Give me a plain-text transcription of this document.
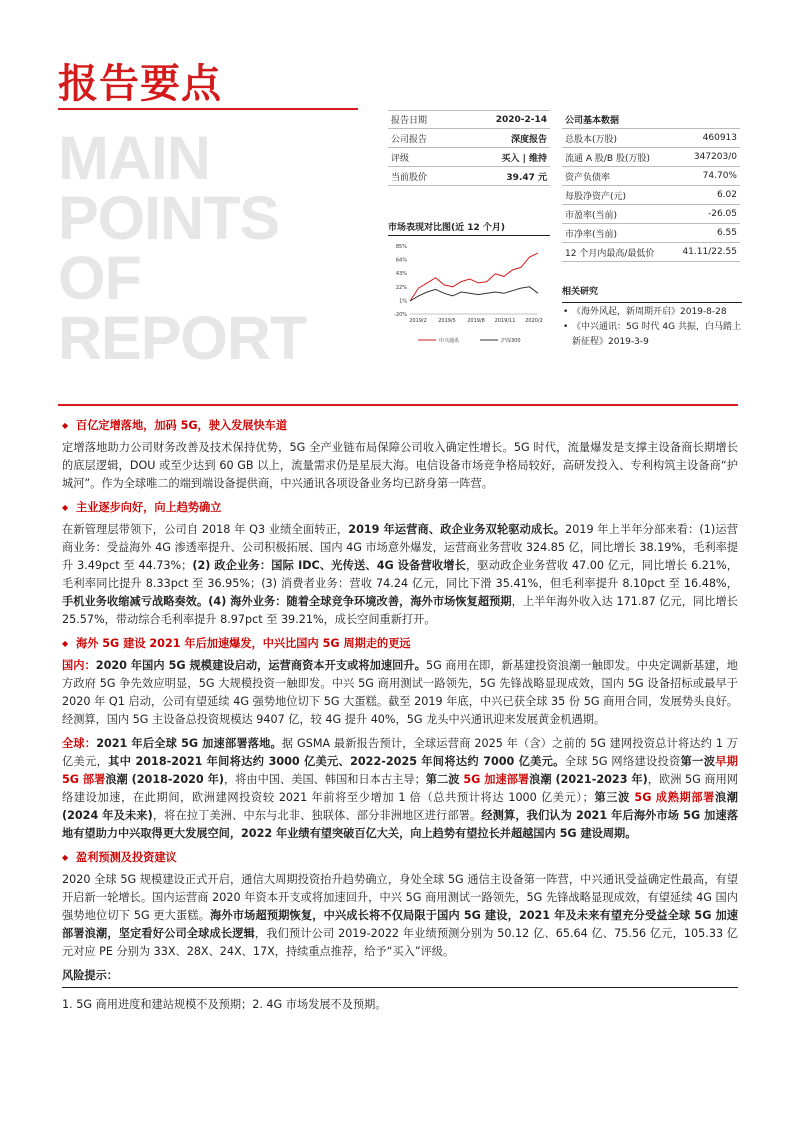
报告要点
MAIN
POINTS
OF
REPORT
报告日期	2020-2-14
公司报告	深度报告
评级	买入 | 维持
当前股价	39.47 元
公司基本数据
总股本(万股)	460913
流通 A 股/B 股(万股)	347203/0
资产负债率	74.70%
每股净资产(元)	6.02
市盈率(当前)	-26.05
市净率(当前)	6.55
12 个月内最高/最低价	41.11/22.55
市场表现对比图(近 12 个月)
85%
64%
43%
22%
1%
-20%
2019/2 2019/5 2019/8 2019/11 2020/2
中兴通讯	沪深300
相关研究
• 《海外风起，新周期开启》2019-8-28
• 《中兴通讯：5G 时代 4G 共振，白马踏上新征程》2019-3-9
◆ 百亿定增落地，加码 5G，驶入发展快车道
定增落地助力公司财务改善及技术保持优势，5G 全产业链布局保障公司收入确定性增长。5G 时代，流量爆发是支撑主设备商长期增长的底层逻辑，DOU 或至少达到 60 GB 以上，流量需求仍是星辰大海。电信设备市场竞争格局较好，高研发投入、专利构筑主设备商“护城河”。作为全球唯二的端到端设备提供商，中兴通讯各项设备业务均已跻身第一阵营。
◆ 主业逐步向好，向上趋势确立
在新管理层带领下，公司自 2018 年 Q3 业绩全面转正，2019 年运营商、政企业务双轮驱动成长。2019 年上半年分部来看：(1)运营商业务：受益海外 4G 渗透率提升、公司积极拓展、国内 4G 市场意外爆发，运营商业务营收 324.85 亿，同比增长 38.19%，毛利率提升 3.49pct 至 44.73%；(2) 政企业务：国际 IDC、光传送、4G 设备营收增长，驱动政企业务营收 47.00 亿元，同比增长 6.21%，毛利率同比提升 8.33pct 至 36.95%；(3) 消费者业务：营收 74.24 亿元，同比下滑 35.41%，但毛利率提升 8.10pct 至 16.48%，手机业务收缩减亏战略奏效。(4) 海外业务：随着全球竞争环境改善，海外市场恢复超预期，上半年海外收入达 171.87 亿元，同比增长 25.57%，带动综合毛利率提升 8.97pct 至 39.21%，成长空间重新打开。
◆ 海外 5G 建设 2021 年后加速爆发，中兴比国内 5G 周期走的更远
国内：2020 年国内 5G 规模建设启动，运营商资本开支或将加速回升。5G 商用在即，新基建投资浪潮一触即发。中央定调新基建，地方政府 5G 争先效应明显，5G 大规模投资一触即发。中兴 5G 商用测试一路领先，5G 先锋战略显现成效，国内 5G 设备招标或最早于 2020 年 Q1 启动，公司有望延续 4G 强势地位切下 5G 大蛋糕。截至 2019 年底，中兴已获全球 35 份 5G 商用合同，发展势头良好。经测算，国内 5G 主设备总投资规模达 9407 亿，较 4G 提升 40%，5G 龙头中兴通讯迎来发展黄金机遇期。
全球：2021 年后全球 5G 加速部署落地。据 GSMA 最新报告预计，全球运营商 2025 年（含）之前的 5G 建网投资总计将达约 1 万亿美元，其中 2018-2021 年间将达约 3000 亿美元、2022-2025 年间将达约 7000 亿美元。全球 5G 网络建设投资第一波早期 5G 部署浪潮 (2018-2020 年)，将由中国、美国、韩国和日本古主导；第二波 5G 加速部署浪潮 (2021-2023 年)，欧洲 5G 商用网络建设加速，在此期间，欧洲建网投资较 2021 年前将至少增加 1 倍（总共预计将达 1000 亿美元）；第三波 5G 成熟期部署浪潮 (2024 年及未来)，将在拉丁美洲、中东与北非、独联体、部分非洲地区进行部署。经测算，我们认为 2021 年后海外市场 5G 加速落地有望助力中兴取得更大发展空间，2022 年业绩有望突破百亿大关，向上趋势有望拉长并超越国内 5G 建设周期。
◆ 盈利预测及投资建议
2020 全球 5G 规模建设正式开启，通信大周期投资抬升趋势确立，身处全球 5G 通信主设备第一阵营，中兴通讯受益确定性最高，有望开启新一轮增长。国内运营商 2020 年资本开支或将加速回升，中兴 5G 商用测试一路领先，5G 先锋战略显现成效，有望延续 4G 国内强势地位切下 5G 更大蛋糕。海外市场超预期恢复，中兴成长将不仅局限于国内 5G 建设，2021 年及未来有望充分受益全球 5G 加速部署浪潮，坚定看好公司全球成长逻辑，我们预计公司 2019-2022 年业绩预测分别为 50.12 亿、65.64 亿、75.56 亿元，105.33 亿元对应 PE 分别为 33X、28X、24X、17X，持续重点推荐，给予“买入”评级。
风险提示：
1. 5G 商用进度和建站规模不及预期；2. 4G 市场发展不及预期。
